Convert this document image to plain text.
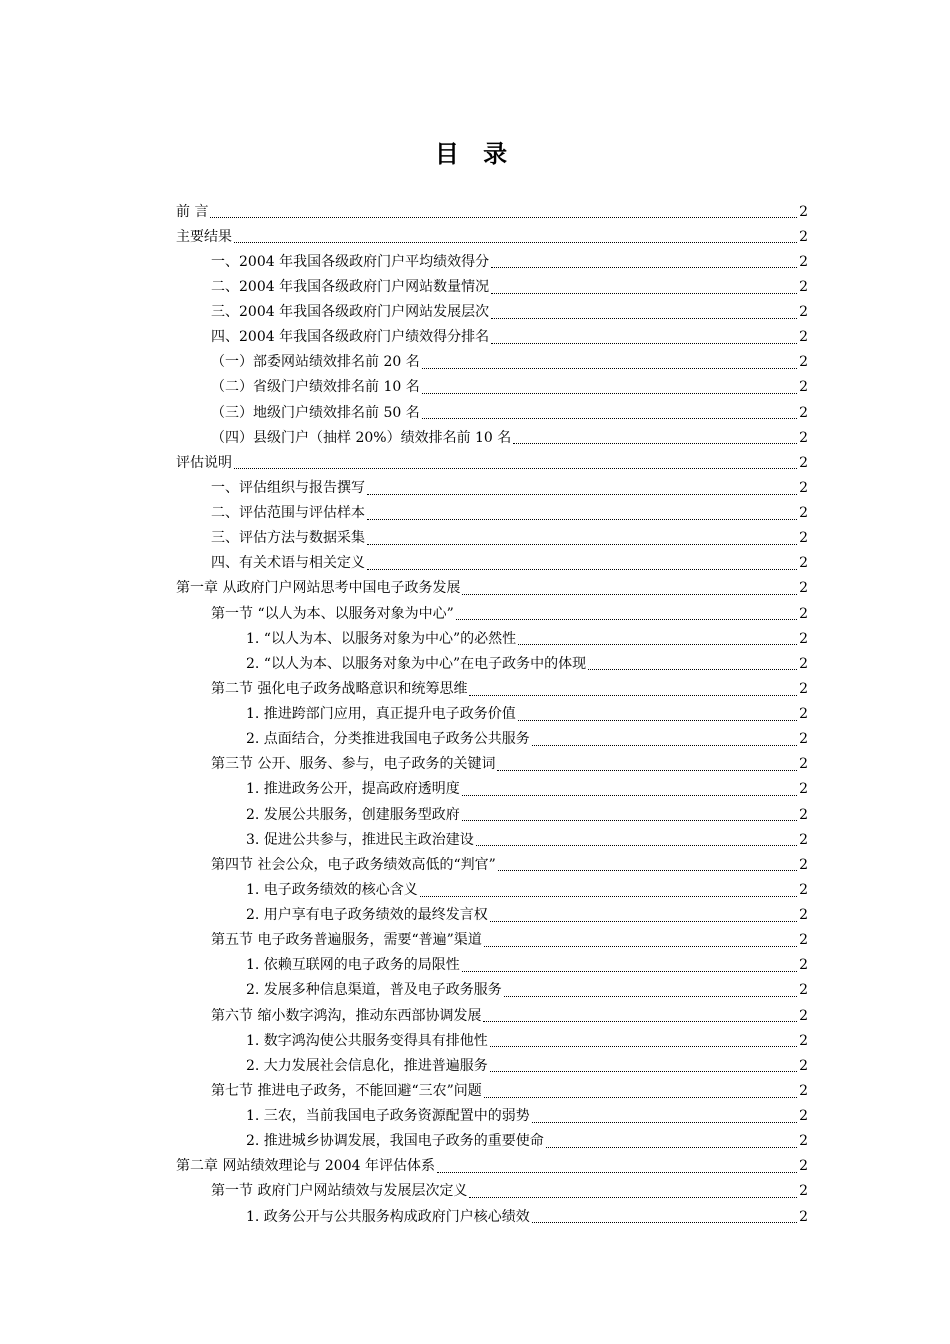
目 录
前 言	2
主要结果	2
一、2004 年我国各级政府门户平均绩效得分	2
二、2004 年我国各级政府门户网站数量情况	2
三、2004 年我国各级政府门户网站发展层次	2
四、2004 年我国各级政府门户绩效得分排名	2
（一）部委网站绩效排名前 20 名	2
（二）省级门户绩效排名前 10 名	2
（三）地级门户绩效排名前 50 名	2
（四）县级门户（抽样 20%）绩效排名前 10 名	2
评估说明	2
一、评估组织与报告撰写	2
二、评估范围与评估样本	2
三、评估方法与数据采集	2
四、有关术语与相关定义	2
第一章 从政府门户网站思考中国电子政务发展	2
第一节 “以人为本、以服务对象为中心”	2
1. “以人为本、以服务对象为中心”的必然性	2
2. “以人为本、以服务对象为中心”在电子政务中的体现	2
第二节 强化电子政务战略意识和统筹思维	2
1. 推进跨部门应用，真正提升电子政务价值	2
2. 点面结合，分类推进我国电子政务公共服务	2
第三节 公开、服务、参与，电子政务的关键词	2
1. 推进政务公开，提高政府透明度	2
2. 发展公共服务，创建服务型政府	2
3. 促进公共参与，推进民主政治建设	2
第四节 社会公众，电子政务绩效高低的“判官”	2
1. 电子政务绩效的核心含义	2
2. 用户享有电子政务绩效的最终发言权	2
第五节 电子政务普遍服务，需要“普遍”渠道	2
1. 依赖互联网的电子政务的局限性	2
2. 发展多种信息渠道，普及电子政务服务	2
第六节 缩小数字鸿沟，推动东西部协调发展	2
1. 数字鸿沟使公共服务变得具有排他性	2
2. 大力发展社会信息化，推进普遍服务	2
第七节 推进电子政务，不能回避“三农”问题	2
1. 三农，当前我国电子政务资源配置中的弱势	2
2. 推进城乡协调发展，我国电子政务的重要使命	2
第二章 网站绩效理论与 2004 年评估体系	2
第一节 政府门户网站绩效与发展层次定义	2
1. 政务公开与公共服务构成政府门户核心绩效	2
